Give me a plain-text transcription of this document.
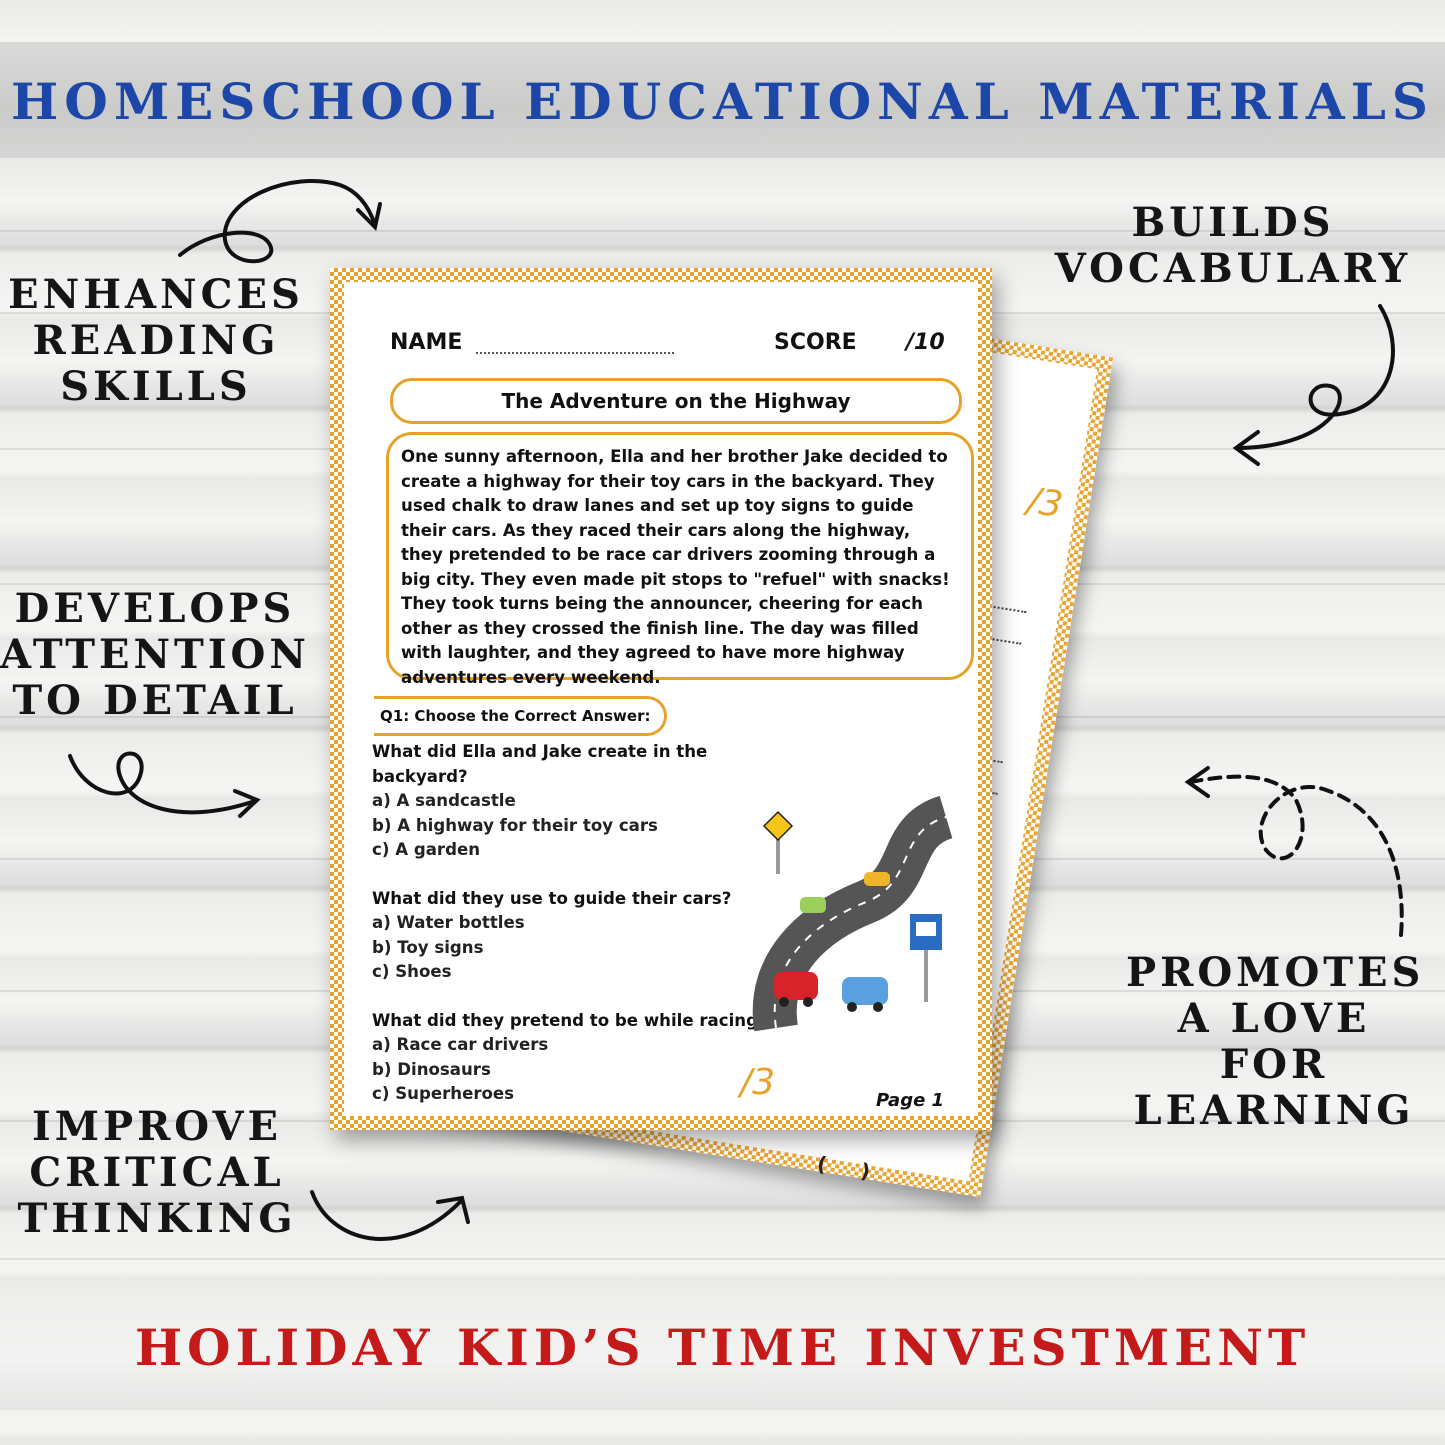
HOMESCHOOL EDUCATIONAL MATERIALS
HOLIDAY KID’S TIME INVESTMENT
ENHANCES
READING
SKILLS
BUILDS
VOCABULARY
DEVELOPS
ATTENTION
TO DETAIL
PROMOTES
A LOVE
FOR
LEARNING
IMPROVE
CRITICAL
THINKING
/3
( )
NAME	SCORE /10
The Adventure on the Highway
One sunny afternoon, Ella and her brother Jake decided to create a highway for their toy cars in the backyard. They used chalk to draw lanes and set up toy signs to guide their cars. As they raced their cars along the highway, they pretended to be race car drivers zooming through a big city. They even made pit stops to "refuel" with snacks! They took turns being the announcer, cheering for each other as they crossed the finish line. The day was filled with laughter, and they agreed to have more highway adventures every weekend.
Q1: Choose the Correct Answer:
What did Ella and Jake create in the backyard?
a) A sandcastle
b) A highway for their toy cars
c) A garden
What did they use to guide their cars?
a) Water bottles
b) Toy signs
c) Shoes
What did they pretend to be while racing?
a) Race car drivers
b) Dinosaurs
c) Superheroes	/3	Page 1
